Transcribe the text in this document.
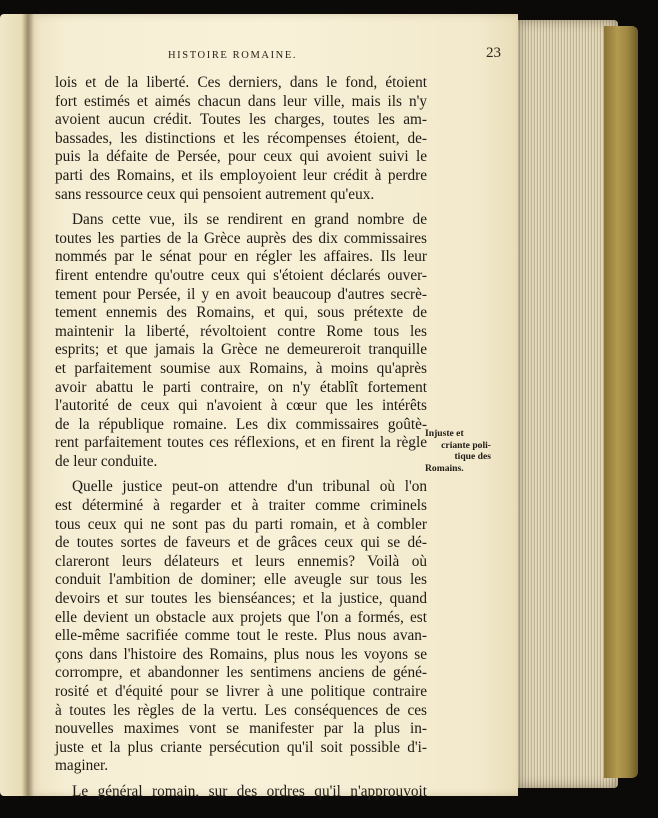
HISTOIRE ROMAINE.	23
lois et de la liberté. Ces derniers, dans le fond, étoient
fort estimés et aimés chacun dans leur ville, mais ils n'y
avoient aucun crédit. Toutes les charges, toutes les am-
bassades, les distinctions et les récompenses étoient, de-
puis la défaite de Persée, pour ceux qui avoient suivi le
parti des Romains, et ils employoient leur crédit à perdre
sans ressource ceux qui pensoient autrement qu'eux.
Dans cette vue, ils se rendirent en grand nombre de
toutes les parties de la Grèce auprès des dix commissaires
nommés par le sénat pour en régler les affaires. Ils leur
firent entendre qu'outre ceux qui s'étoient déclarés ouver-
tement pour Persée, il y en avoit beaucoup d'autres secrè-
tement ennemis des Romains, et qui, sous prétexte de
maintenir la liberté, révoltoient contre Rome tous les
esprits; et que jamais la Grèce ne demeureroit tranquille
et parfaitement soumise aux Romains, à moins qu'après
avoir abattu le parti contraire, on n'y établît fortement
l'autorité de ceux qui n'avoient à cœur que les intérêts
de la république romaine. Les dix commissaires goûtè-
rent parfaitement toutes ces réflexions, et en firent la règle
de leur conduite.
Quelle justice peut-on attendre d'un tribunal où l'on
est déterminé à regarder et à traiter comme criminels
tous ceux qui ne sont pas du parti romain, et à combler
de toutes sortes de faveurs et de grâces ceux qui se dé-
clareront leurs délateurs et leurs ennemis? Voilà où
conduit l'ambition de dominer; elle aveugle sur tous les
devoirs et sur toutes les bienséances; et la justice, quand
elle devient un obstacle aux projets que l'on a formés, est
elle-même sacrifiée comme tout le reste. Plus nous avan-
çons dans l'histoire des Romains, plus nous les voyons se
corrompre, et abandonner les sentimens anciens de géné-
rosité et d'équité pour se livrer à une politique contraire
à toutes les règles de la vertu. Les conséquences de ces
nouvelles maximes vont se manifester par la plus in-
juste et la plus criante persécution qu'il soit possible d'i-
maginer.
Le général romain, sur des ordres qu'il n'approuvoit
Injuste et
criante poli-
tique des
Romains.
